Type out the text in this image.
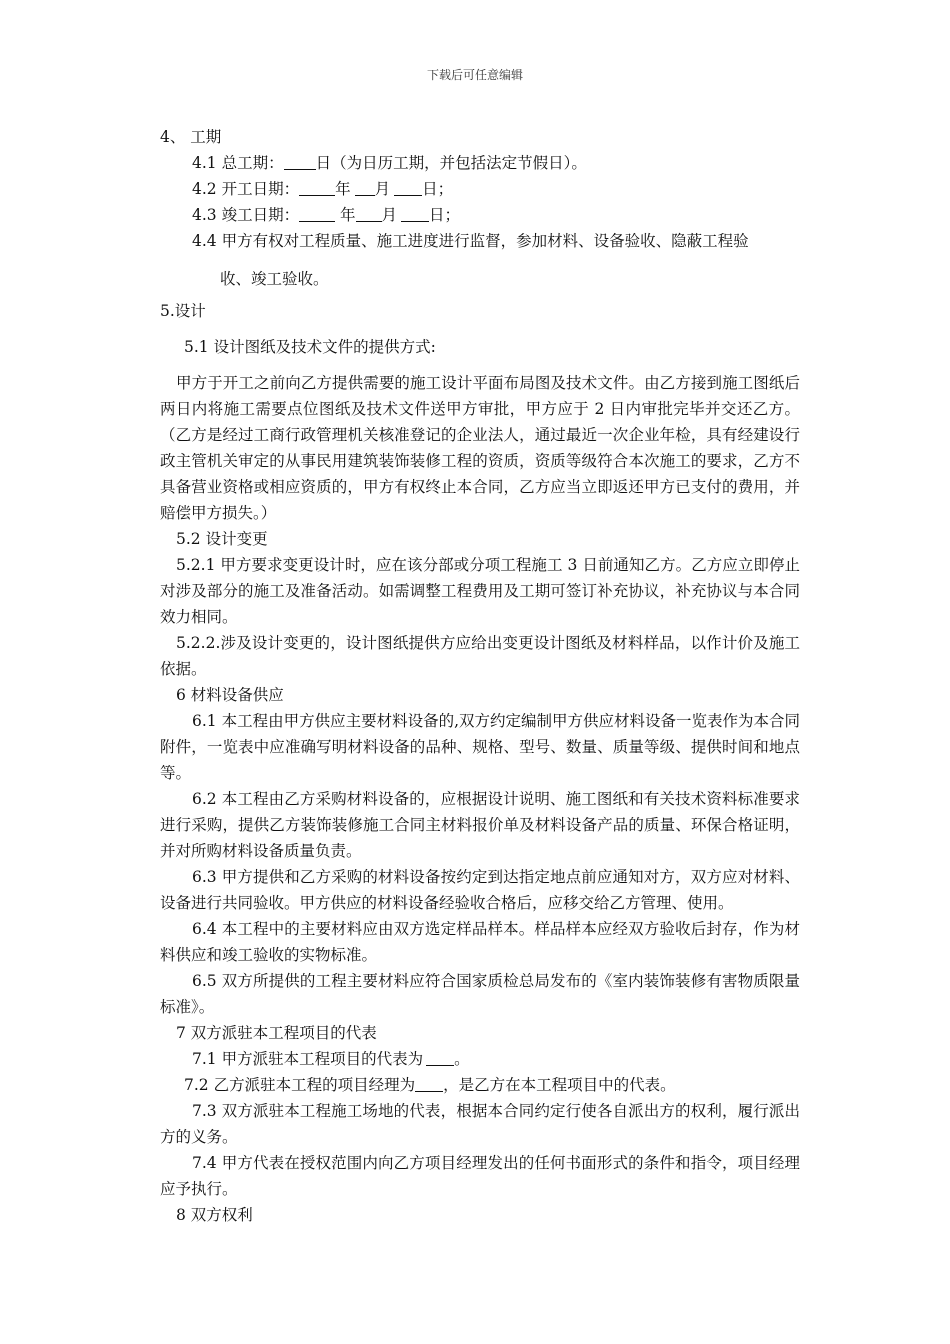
下载后可任意编辑
4、 工期
4.1 总工期： 日（为日历工期，并包括法定节假日）。
4.2 开工日期： 年 月 日；
4.3 竣工日期： 年 月 日；
4.4 甲方有权对工程质量、施工进度进行监督，参加材料、设备验收、隐蔽工程验
收、竣工验收。
5.设计
5.1 设计图纸及技术文件的提供方式:
甲方于开工之前向乙方提供需要的施工设计平面布局图及技术文件。由乙方接到施工图纸后两日内将施工需要点位图纸及技术文件送甲方审批，甲方应于 2 日内审批完毕并交还乙方。（乙方是经过工商行政管理机关核准登记的企业法人，通过最近一次企业年检，具有经建设行政主管机关审定的从事民用建筑装饰装修工程的资质，资质等级符合本次施工的要求，乙方不具备营业资格或相应资质的，甲方有权终止本合同，乙方应当立即返还甲方已支付的费用，并赔偿甲方损失。）
5.2 设计变更
5.2.1 甲方要求变更设计时，应在该分部或分项工程施工 3 日前通知乙方。乙方应立即停止对涉及部分的施工及准备活动。如需调整工程费用及工期可签订补充协议，补充协议与本合同效力相同。
5.2.2.涉及设计变更的，设计图纸提供方应给出变更设计图纸及材料样品，以作计价及施工依据。
6 材料设备供应
6.1 本工程由甲方供应主要材料设备的,双方约定编制甲方供应材料设备一览表作为本合同附件，一览表中应准确写明材料设备的品种、规格、型号、数量、质量等级、提供时间和地点等。
6.2 本工程由乙方采购材料设备的，应根据设计说明、施工图纸和有关技术资料标准要求进行采购，提供乙方装饰装修施工合同主材料报价单及材料设备产品的质量、环保合格证明，并对所购材料设备质量负责。
6.3 甲方提供和乙方采购的材料设备按约定到达指定地点前应通知对方，双方应对材料、设备进行共同验收。甲方供应的材料设备经验收合格后，应移交给乙方管理、使用。
6.4 本工程中的主要材料应由双方选定样品样本。样品样本应经双方验收后封存，作为材料供应和竣工验收的实物标准。
6.5 双方所提供的工程主要材料应符合国家质检总局发布的《室内装饰装修有害物质限量标准》。
7 双方派驻本工程项目的代表
7.1 甲方派驻本工程项目的代表为 。
7.2 乙方派驻本工程的项目经理为 ，是乙方在本工程项目中的代表。
7.3 双方派驻本工程施工场地的代表，根据本合同约定行使各自派出方的权利，履行派出方的义务。
7.4 甲方代表在授权范围内向乙方项目经理发出的任何书面形式的条件和指令，项目经理应予执行。
8 双方权利
